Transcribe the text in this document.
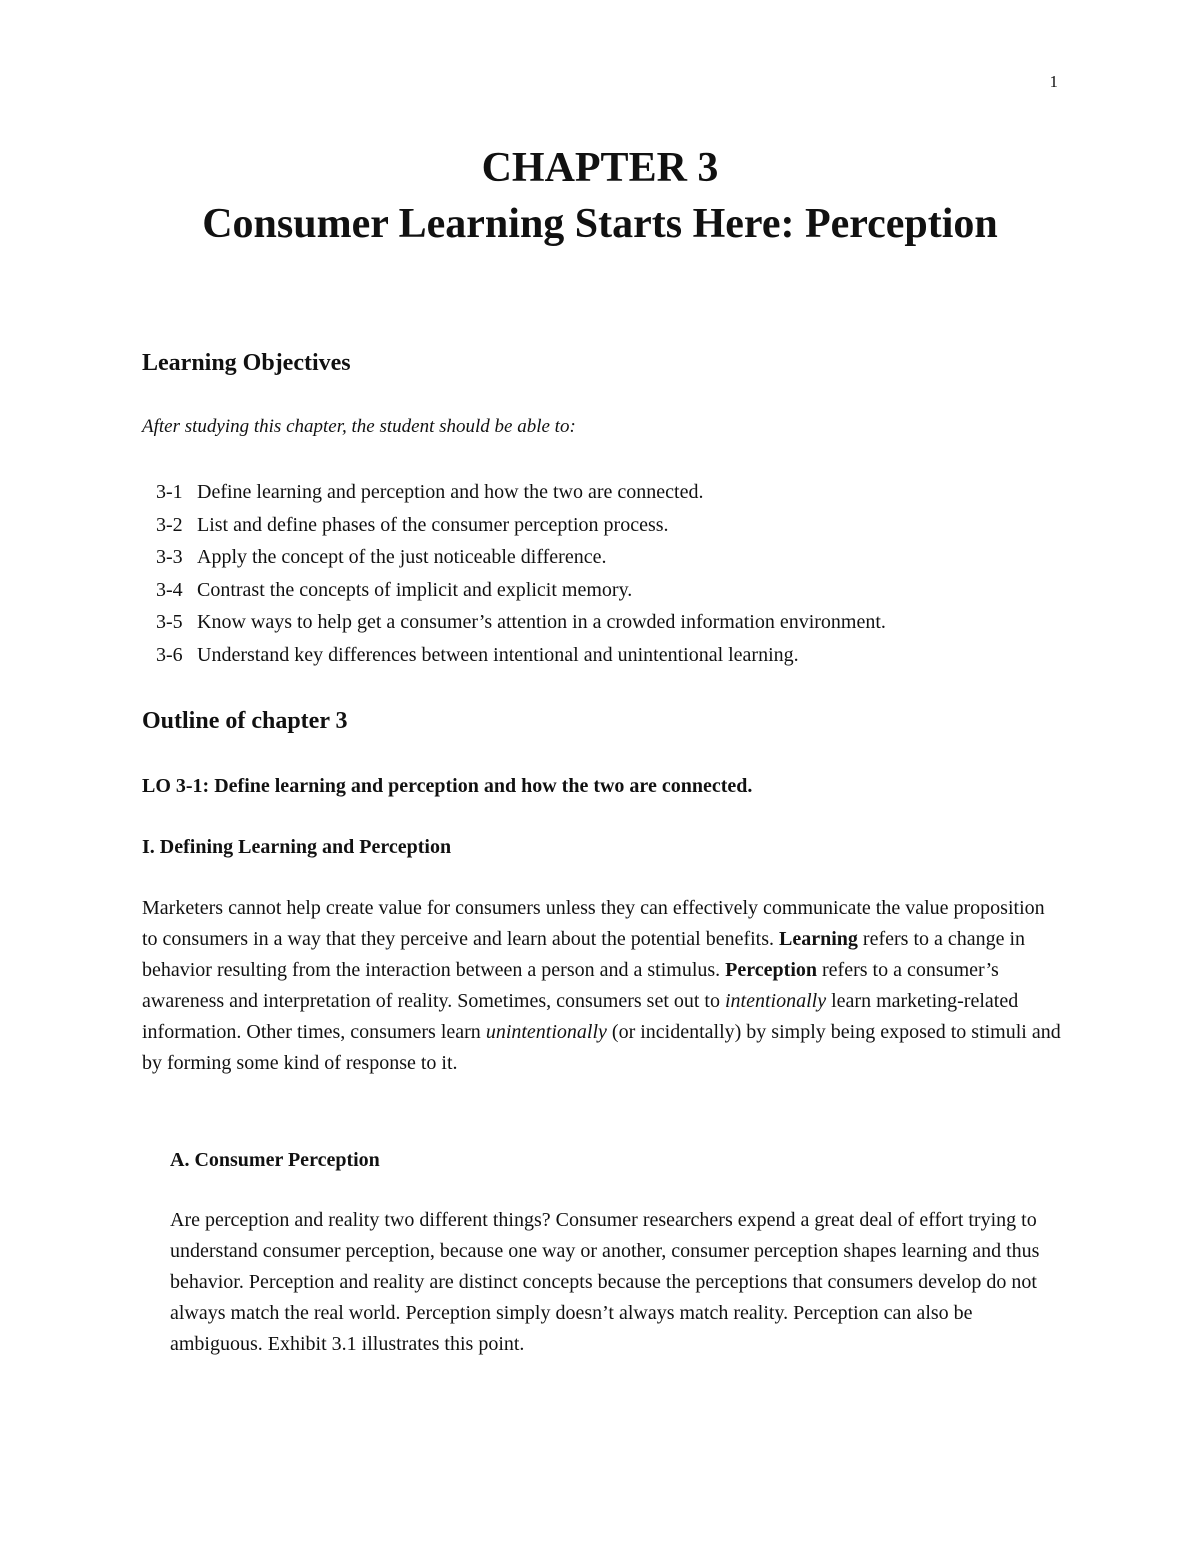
1
CHAPTER 3
Consumer Learning Starts Here: Perception
Learning Objectives
After studying this chapter, the student should be able to:
3-1 Define learning and perception and how the two are connected.
3-2 List and define phases of the consumer perception process.
3-3 Apply the concept of the just noticeable difference.
3-4 Contrast the concepts of implicit and explicit memory.
3-5 Know ways to help get a consumer’s attention in a crowded information environment.
3-6 Understand key differences between intentional and unintentional learning.
Outline of chapter 3

LO 3-1: Define learning and perception and how the two are connected.

I. Defining Learning and Perception

Marketers cannot help create value for consumers unless they can effectively communicate the value proposition to consumers in a way that they perceive and learn about the potential benefits. Learning refers to a change in behavior resulting from the interaction between a person and a stimulus. Perception refers to a consumer’s awareness and interpretation of reality. Sometimes, consumers set out to intentionally learn marketing-related information. Other times, consumers learn unintentionally (or incidentally) by simply being exposed to stimuli and by forming some kind of response to it.

A. Consumer Perception

Are perception and reality two different things? Consumer researchers expend a great deal of effort trying to understand consumer perception, because one way or another, consumer perception shapes learning and thus behavior. Perception and reality are distinct concepts because the perceptions that consumers develop do not always match the real world. Perception simply doesn’t always match reality. Perception can also be ambiguous. Exhibit 3.1 illustrates this point.
